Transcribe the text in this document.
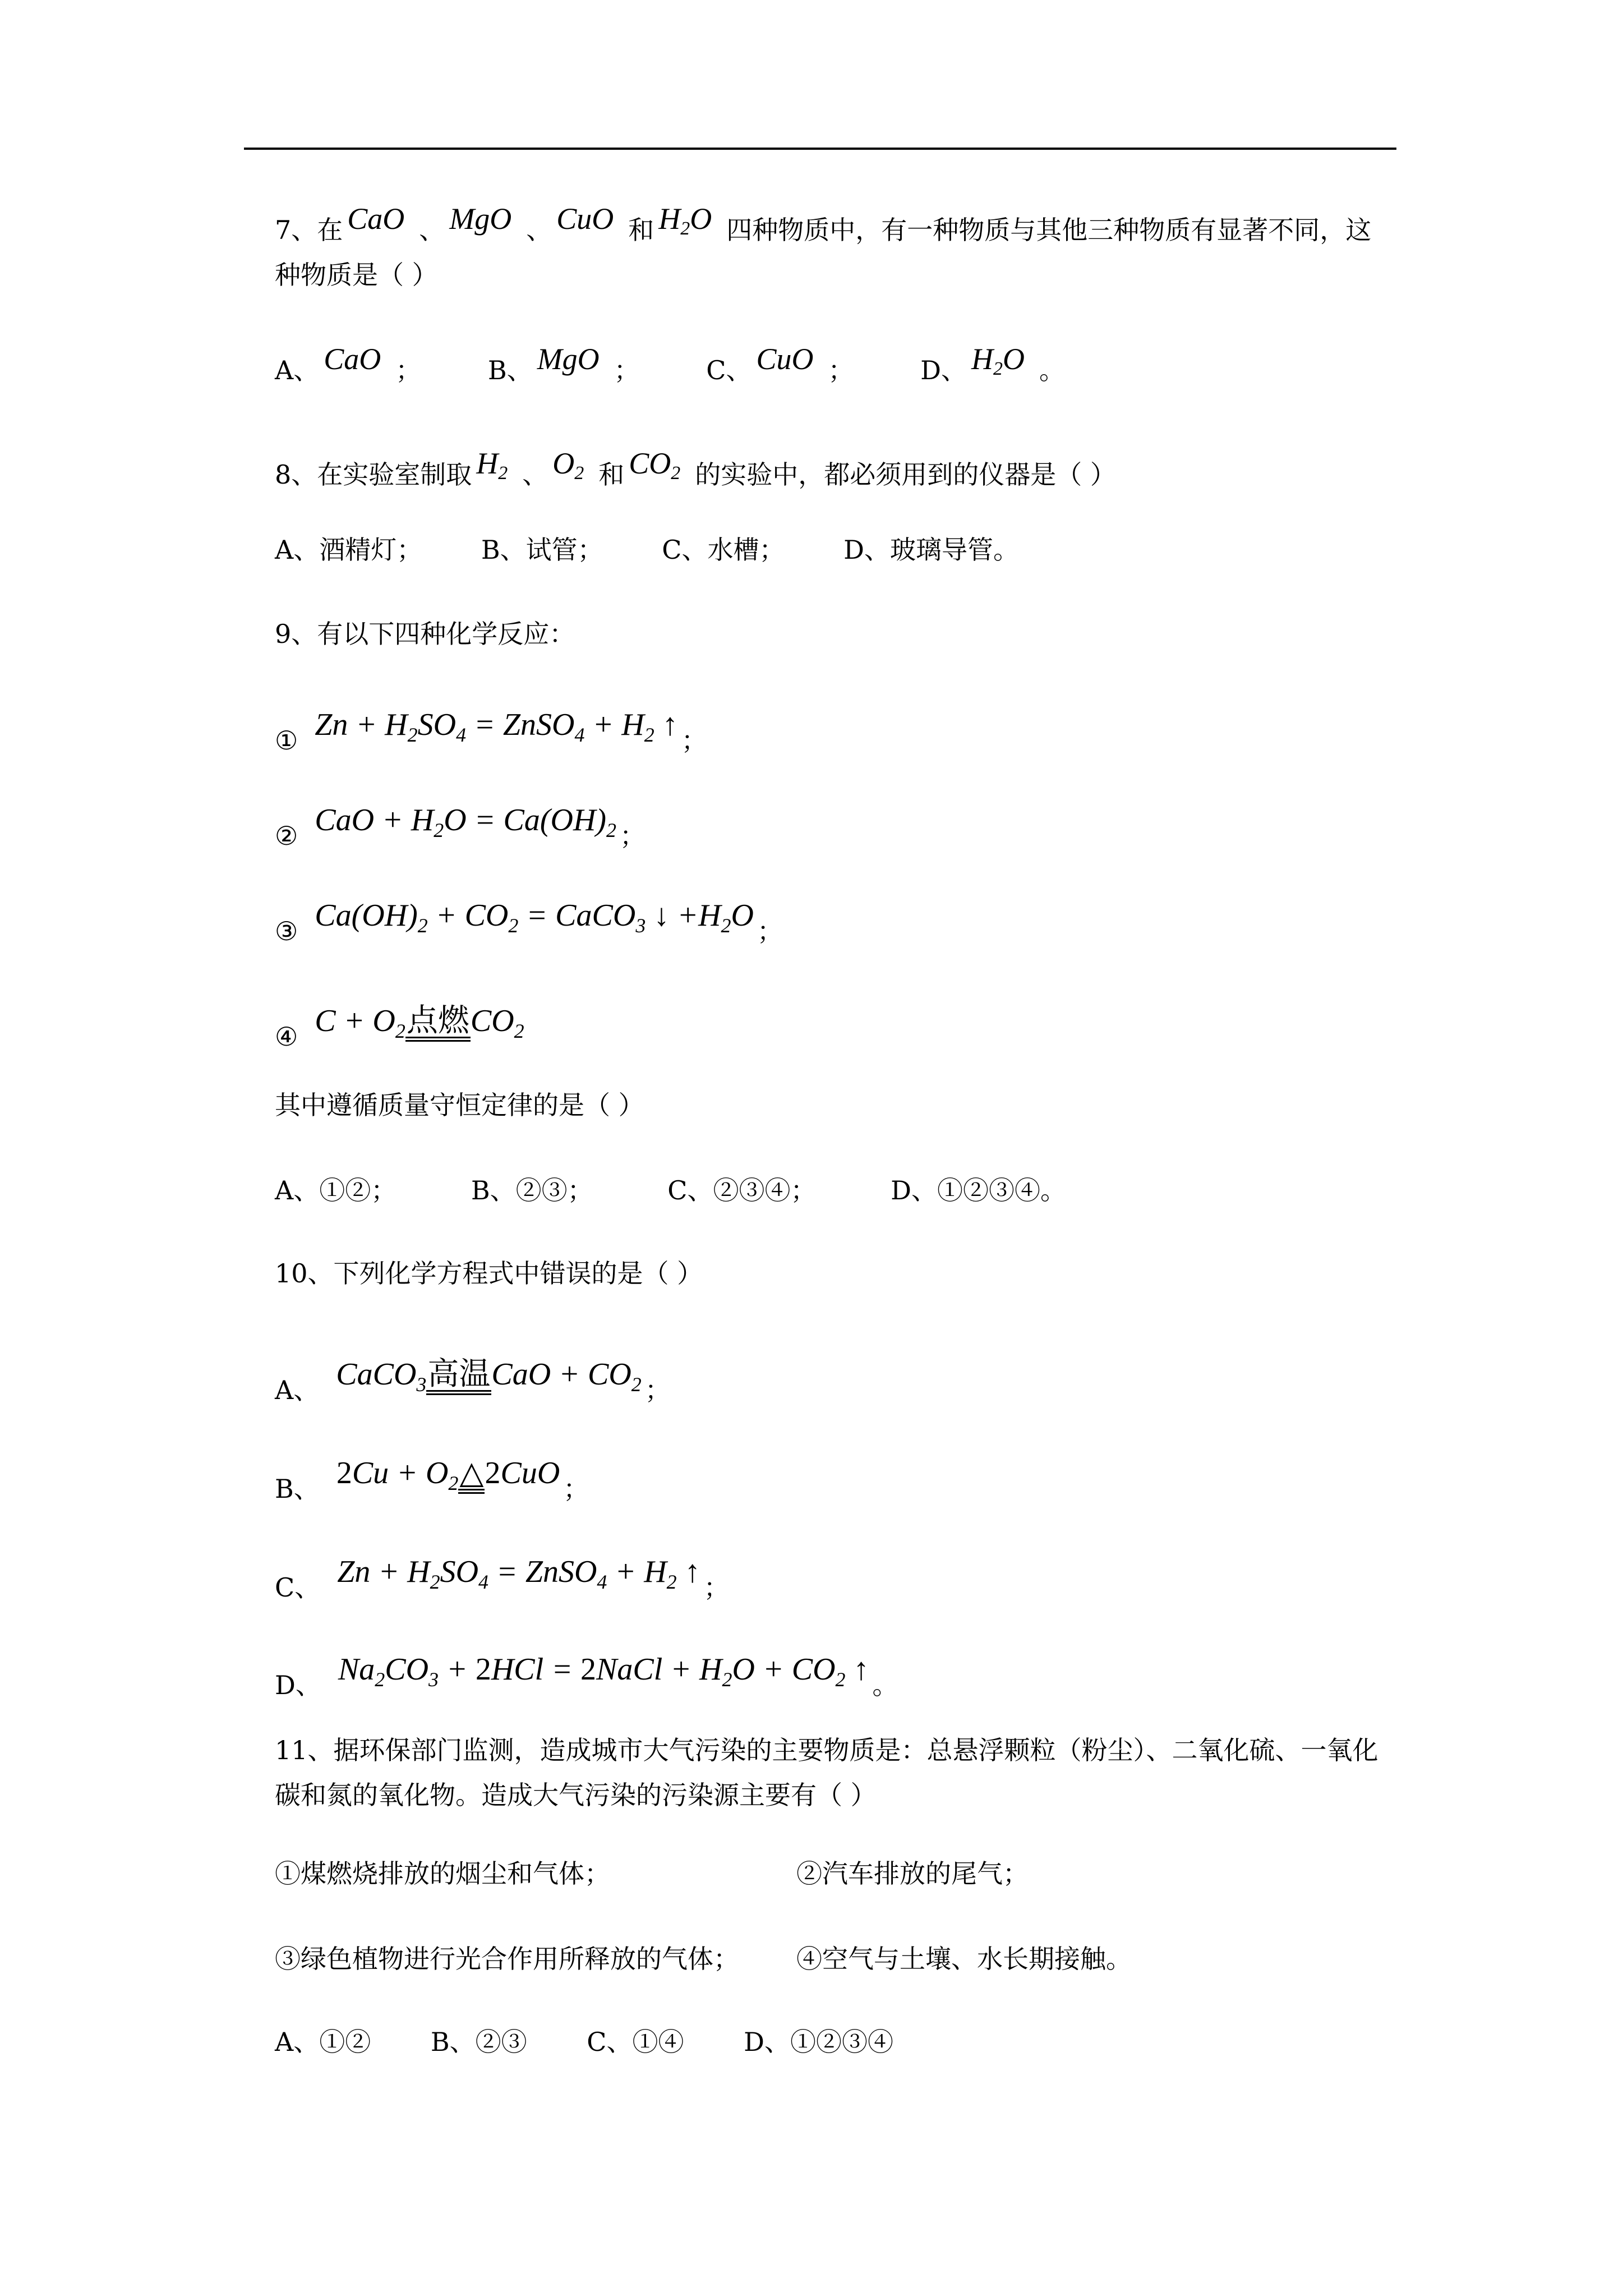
7、在 CaO 、 MgO 、 CuO 和 $H_2O$ 四种物质中，有一种物质与其他三种物质有显著不同，这种物质是（ ）
A、 CaO ；	B、 MgO ；	C、 CuO ；	D、 $H_2O$ 。
8、在实验室制取 $H_2$ 、 $O_2$ 和 $CO_2$ 的实验中，都必须用到的仪器是（ ）
A、酒精灯； B、试管； C、水槽； D、玻璃导管。
9、有以下四种化学反应：
① $Zn + H_2SO_4$ = ZnSO$_4$ + $H_2$ ↑ ；
② CaO + $H_2O = Ca(OH)_2$ ；
③ $Ca(OH)_2 + CO_2$ = CaCO$_3$ ↓ $+H_2O$ ；
④ $C + O_2$点燃$CO_2$
其中遵循质量守恒定律的是（ ）
A、①②；	B、②③；	C、②③④；	D、①②③④。
10、下列化学方程式中错误的是（ ）
A、 CaCO$_3$高温CaO + $CO_2$ ；
B、 $2Cu + O_2\triangle 2CuO$ ；
C、 $Zn + H_2SO_4$ = ZnSO$_4$ + $H_2$ ↑ ；
D、 $Na_2CO_3 + 2HCl$ = 2NaCl + $H_2O + CO_2$ ↑ 。
11、据环保部门监测，造成城市大气污染的主要物质是：总悬浮颗粒（粉尘）、二氧化硫、一氧化碳和氮的氧化物。造成大气污染的污染源主要有（ ）
①煤燃烧排放的烟尘和气体；	②汽车排放的尾气；
③绿色植物进行光合作用所释放的气体； ④空气与土壤、水长期接触。
A、①② B、②③ C、①④ D、①②③④
